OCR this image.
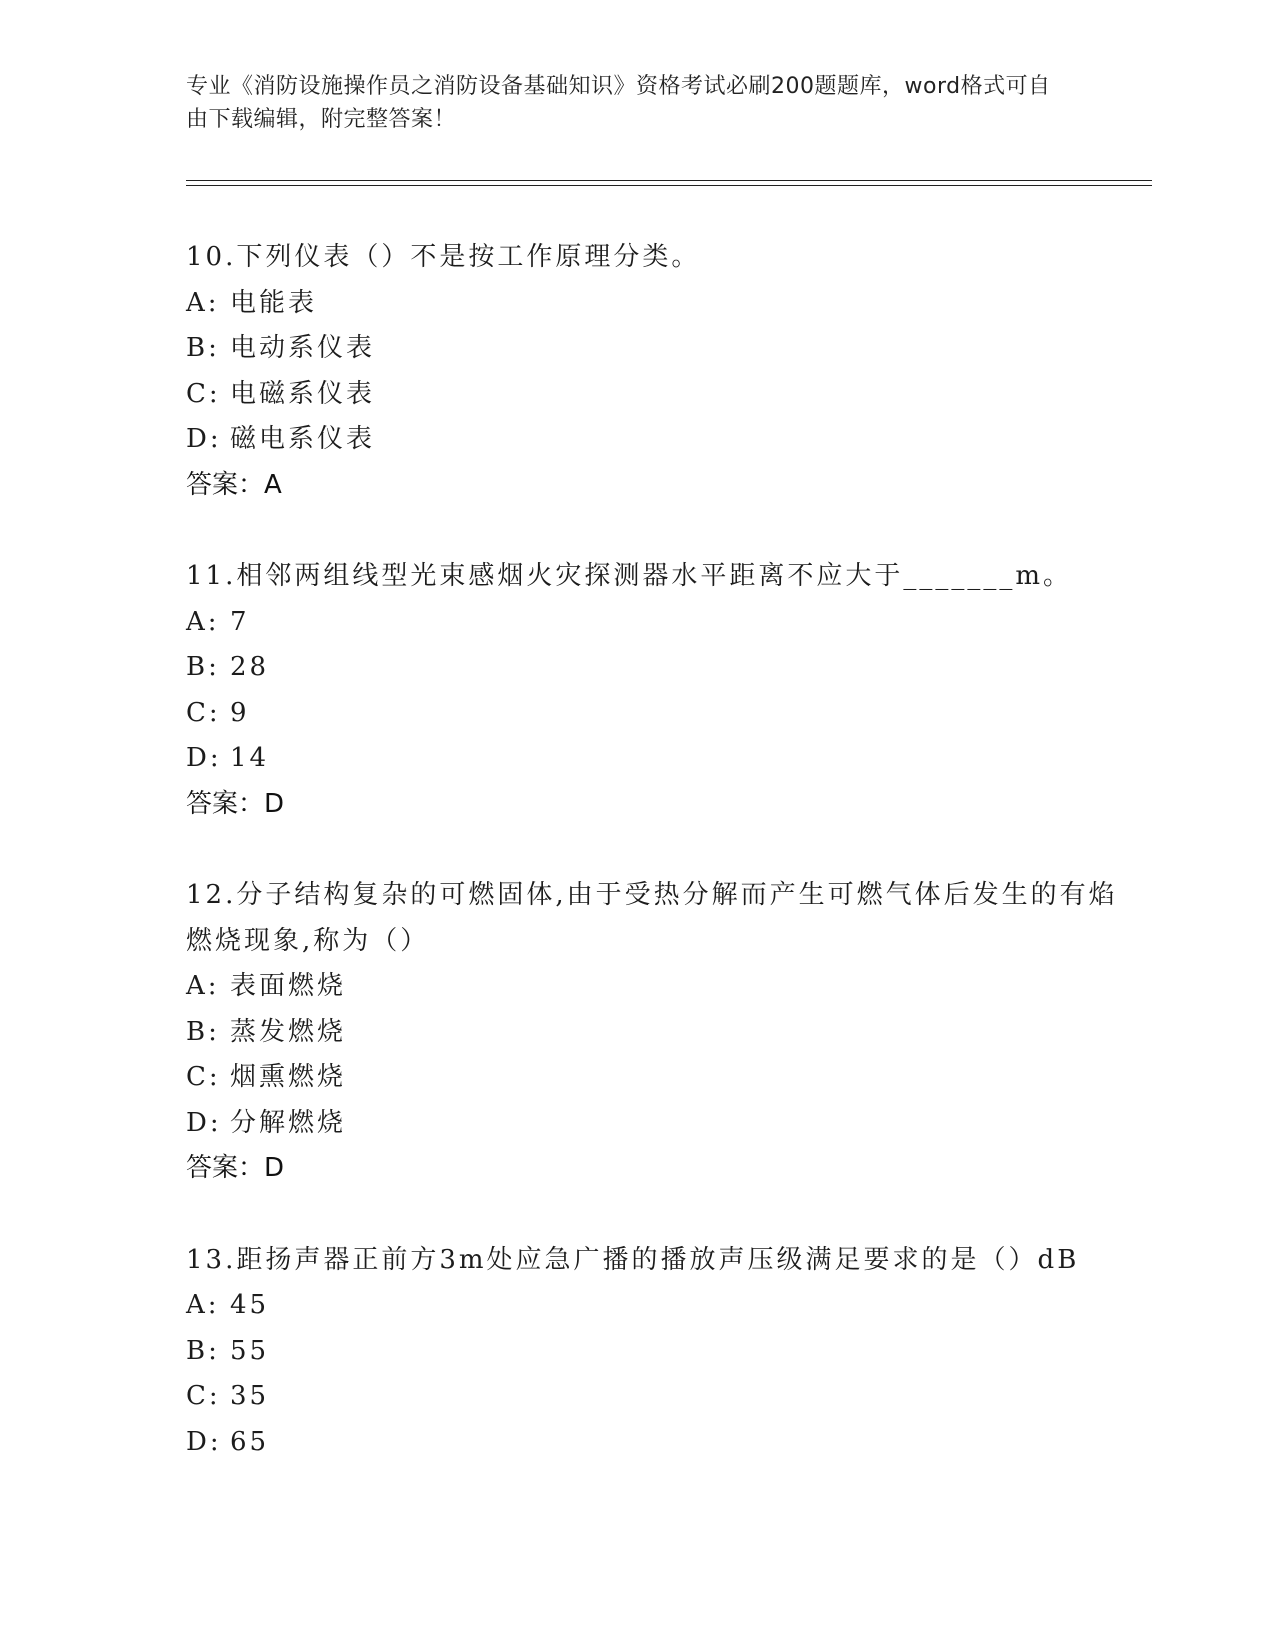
专业《消防设施操作员之消防设备基础知识》资格考试必刷200题题库，word格式可自由下载编辑，附完整答案！
10.下列仪表（）不是按工作原理分类。
A: 电能表
B: 电动系仪表
C: 电磁系仪表
D: 磁电系仪表
答案：A
11.相邻两组线型光束感烟火灾探测器水平距离不应大于_______m。
A: 7
B: 28
C: 9
D: 14
答案：D
12.分子结构复杂的可燃固体,由于受热分解而产生可燃气体后发生的有焰燃烧现象,称为（）
A: 表面燃烧
B: 蒸发燃烧
C: 烟熏燃烧
D: 分解燃烧
答案：D
13.距扬声器正前方3m处应急广播的播放声压级满足要求的是（）dB
A: 45
B: 55
C: 35
D: 65
